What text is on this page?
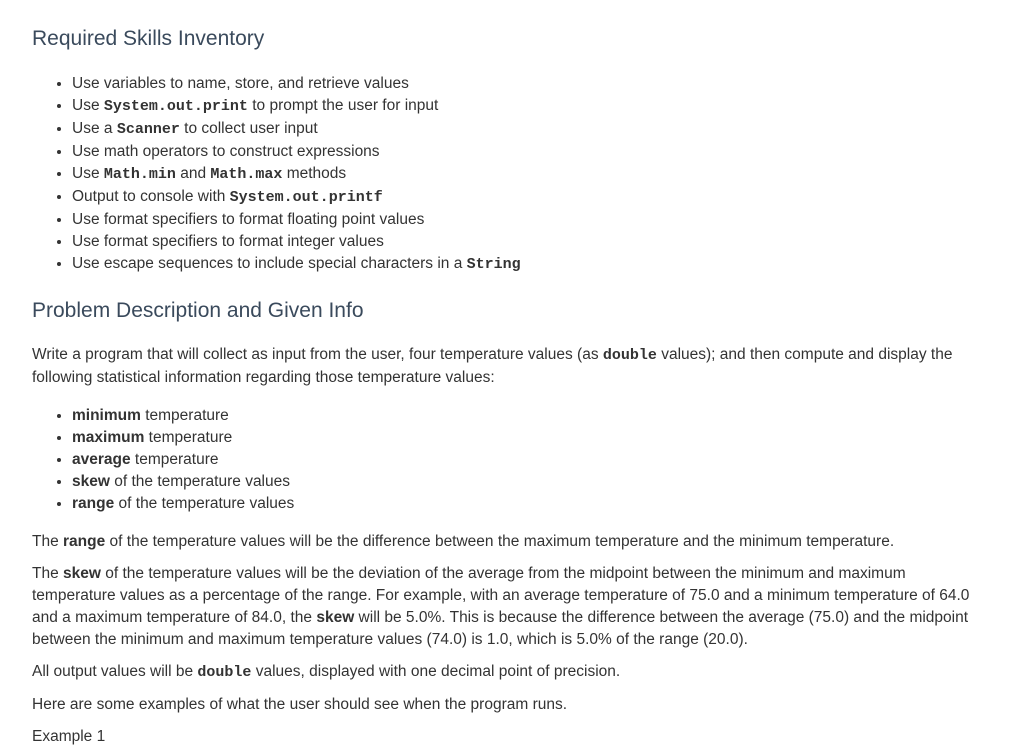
Required Skills Inventory
• Use variables to name, store, and retrieve values
• Use System.out.print to prompt the user for input
• Use a Scanner to collect user input
• Use math operators to construct expressions
• Use Math.min and Math.max methods
• Output to console with System.out.printf
• Use format specifiers to format floating point values
• Use format specifiers to format integer values
• Use escape sequences to include special characters in a String
Problem Description and Given Info

Write a program that will collect as input from the user, four temperature values (as double values); and then compute and display the following statistical information regarding those temperature values:

• minimum temperature
• maximum temperature
• average temperature
• skew of the temperature values
• range of the temperature values

The range of the temperature values will be the difference between the maximum temperature and the minimum temperature.

The skew of the temperature values will be the deviation of the average from the midpoint between the minimum and maximum temperature values as a percentage of the range. For example, with an average temperature of 75.0 and a minimum temperature of 64.0 and a maximum temperature of 84.0, the skew will be 5.0%. This is because the difference between the average (75.0) and the midpoint between the minimum and maximum temperature values (74.0) is 1.0, which is 5.0% of the range (20.0).

All output values will be double values, displayed with one decimal point of precision.

Here are some examples of what the user should see when the program runs.

Example 1
